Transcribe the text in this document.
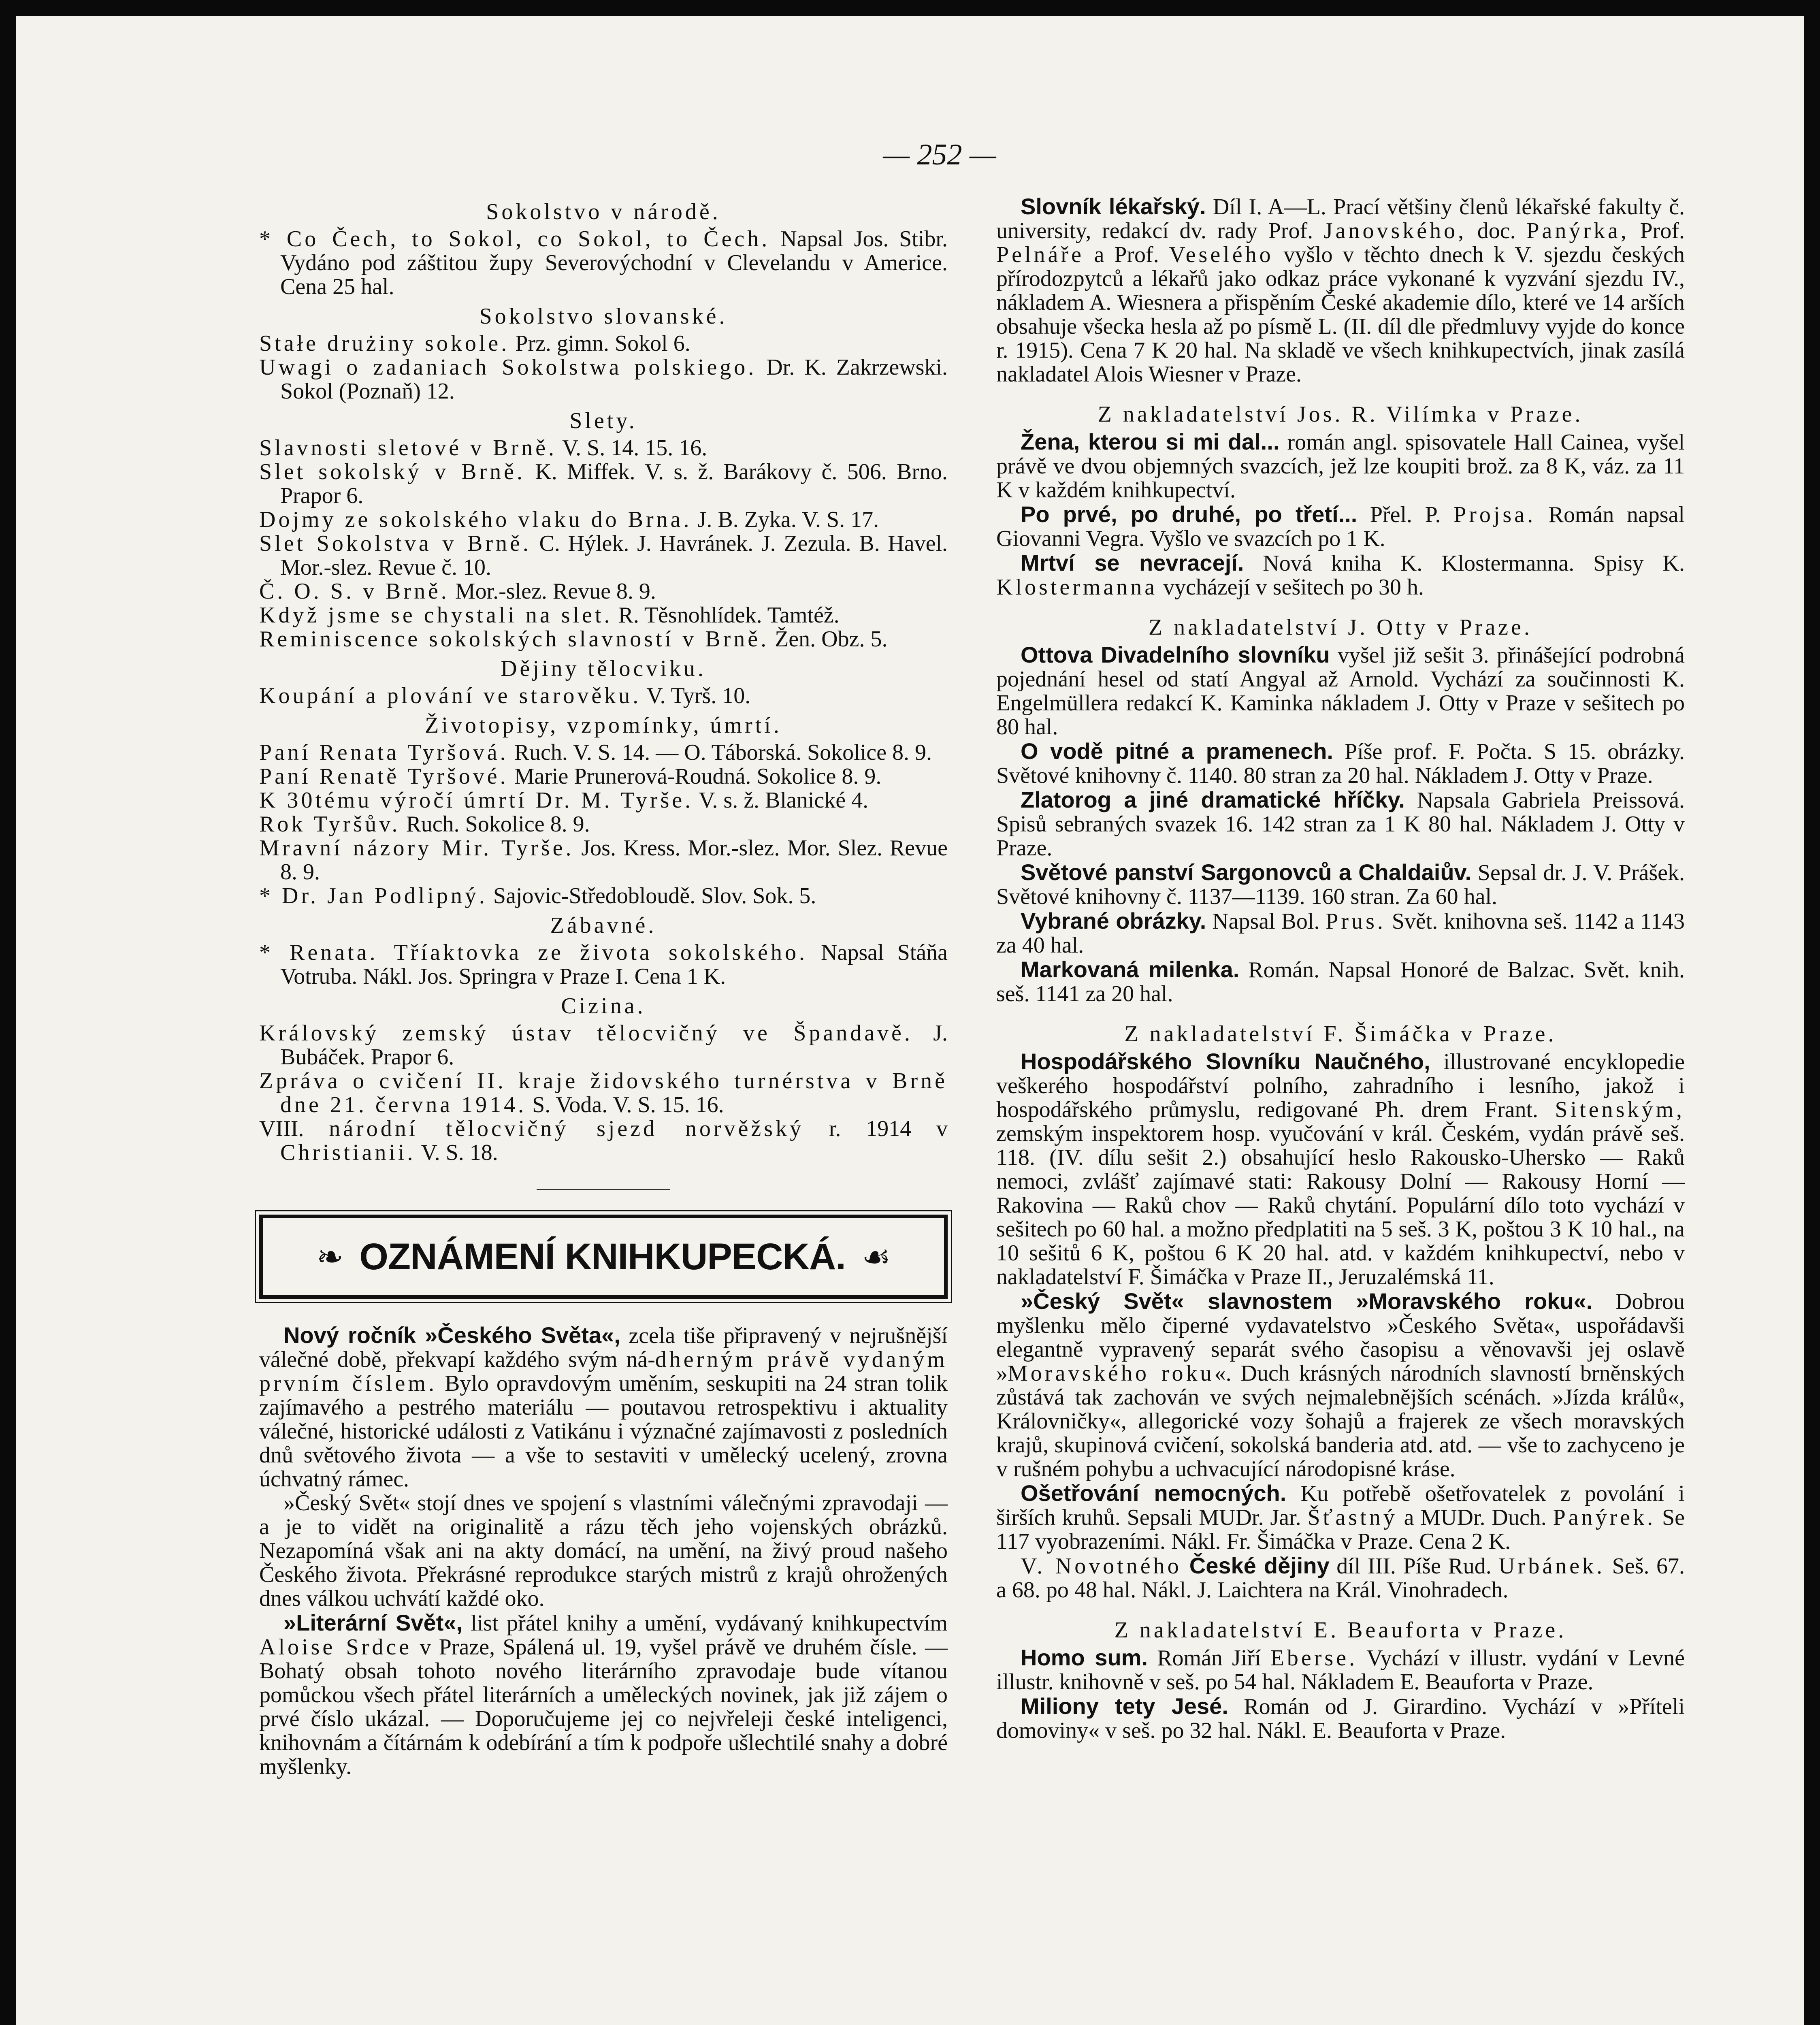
— 252 —
Sokolstvo v národě.

* Co Čech, to Sokol, co Sokol, to Čech. Napsal Jos. Stibr. Vydáno pod záštitou župy Severovýchodní v Clevelandu v Americe. Cena 25 hal.

Sokolstvo slovanské.

Stałe drużiny sokole. Prz. gimn. Sokol 6.

Uwagi o zadaniach Sokolstwa polskiego. Dr. K. Zakrzewski. Sokol (Poznaň) 12.

Slety.

Slavnosti sletové v Brně. V. S. 14. 15. 16.

Slet sokolský v Brně. K. Miffek. V. s. ž. Barákovy č. 506. Brno. Prapor 6.

Dojmy ze sokolského vlaku do Brna. J. B. Zyka. V. S. 17.

Slet Sokolstva v Brně. C. Hýlek. J. Havránek. J. Zezula. B. Havel. Mor.-slez. Revue č. 10.

Č. O. S. v Brně. Mor.-slez. Revue 8. 9.

Když jsme se chystali na slet. R. Těsnohlídek. Tamtéž.

Reminiscence sokolských slavností v Brně. Žen. Obz. 5.

Dějiny tělocviku.

Koupání a plování ve starověku. V. Tyrš. 10.

Životopisy, vzpomínky, úmrtí.

Paní Renata Tyršová. Ruch. V. S. 14. — O. Táborská. Sokolice 8. 9.

Paní Renatě Tyršové. Marie Prunerová-Roudná. Sokolice 8. 9.

K 30tému výročí úmrtí Dr. M. Tyrše. V. s. ž. Blanické 4.

Rok Tyršův. Ruch. Sokolice 8. 9.

Mravní názory Mir. Tyrše. Jos. Kress. Mor.-slez. Mor. Slez. Revue 8. 9.

* Dr. Jan Podlipný. Sajovic-Středobloudě. Slov. Sok. 5.

Zábavné.

* Renata. Tříaktovka ze života sokolského. Napsal Stáňa Votruba. Nákl. Jos. Springra v Praze I. Cena 1 K.

Cizina.

Královský zemský ústav tělocvičný ve Špandavě. J. Bubáček. Prapor 6.

Zpráva o cvičení II. kraje židovského turnérstva v Brně dne 21. června 1914. S. Voda. V. S. 15. 16.

VIII. národní tělocvičný sjezd norvěžský r. 1914 v Christianii. V. S. 18.

❧ OZNÁMENÍ KNIHKUPECKÁ. ☙

Nový ročník »Českého Světa«, zcela tiše připravený v nejrušnější válečné době, překvapí každého svým ná-dherným právě vydaným prvním číslem. Bylo opravdovým uměním, seskupiti na 24 stran tolik zajímavého a pestrého materiálu — poutavou retrospektivu i aktuality válečné, historické události z Vatikánu i význačné zajímavosti z posledních dnů světového života — a vše to sestaviti v umělecký ucelený, zrovna úchvatný rámec.

»Český Svět« stojí dnes ve spojení s vlastními válečnými zpravodaji — a je to vidět na originalitě a rázu těch jeho vojenských obrázků. Nezapomíná však ani na akty domácí, na umění, na živý proud našeho Českého života. Překrásné reprodukce starých mistrů z krajů ohrožených dnes válkou uchvátí každé oko.

»Literární Svět«, list přátel knihy a umění, vydávaný knihkupectvím Aloise Srdce v Praze, Spálená ul. 19, vyšel právě ve druhém čísle. — Bohatý obsah tohoto nového literárního zpravodaje bude vítanou pomůckou všech přátel literárních a uměleckých novinek, jak již zájem o prvé číslo ukázal. — Doporučujeme jej co nejvřeleji české inteligenci, knihovnám a čítárnám k odebírání a tím k podpoře ušlechtilé snahy a dobré myšlenky.

Slovník lékařský. Díl I. A—L. Prací většiny členů lékařské fakulty č. university, redakcí dv. rady Prof. Janovského, doc. Panýrka, Prof. Pelnáře a Prof. Veselého vyšlo v těchto dnech k V. sjezdu českých přírodozpytců a lékařů jako odkaz práce vykonané k vyzvání sjezdu IV., nákladem A. Wiesnera a přispěním České akademie dílo, které ve 14 arších obsahuje všecka hesla až po písmě L. (II. díl dle předmluvy vyjde do konce r. 1915). Cena 7 K 20 hal. Na skladě ve všech knihkupectvích, jinak zasílá nakladatel Alois Wiesner v Praze.

Z nakladatelství Jos. R. Vilímka v Praze.

Žena, kterou si mi dal... román angl. spisovatele Hall Cainea, vyšel právě ve dvou objemných svazcích, jež lze koupiti brož. za 8 K, váz. za 11 K v každém knihkupectví.

Po prvé, po druhé, po třetí... Přel. P. Projsa. Román napsal Giovanni Vegra. Vyšlo ve svazcích po 1 K.

Mrtví se nevracejí. Nová kniha K. Klostermanna. Spisy K. Klostermanna vycházejí v sešitech po 30 h.

Z nakladatelství J. Otty v Praze.

Ottova Divadelního slovníku vyšel již sešit 3. přinášející podrobná pojednání hesel od statí Angyal až Arnold. Vychází za součinnosti K. Engelmüllera redakcí K. Kaminka nákladem J. Otty v Praze v sešitech po 80 hal.

O vodě pitné a pramenech. Píše prof. F. Počta. S 15. obrázky. Světové knihovny č. 1140. 80 stran za 20 hal. Nákladem J. Otty v Praze.

Zlatorog a jiné dramatické hříčky. Napsala Gabriela Preissová. Spisů sebraných svazek 16. 142 stran za 1 K 80 hal. Nákladem J. Otty v Praze.

Světové panství Sargonovců a Chaldaiův. Sepsal dr. J. V. Prášek. Světové knihovny č. 1137—1139. 160 stran. Za 60 hal.

Vybrané obrázky. Napsal Bol. Prus. Svět. knihovna seš. 1142 a 1143 za 40 hal.

Markovaná milenka. Román. Napsal Honoré de Balzac. Svět. knih. seš. 1141 za 20 hal.

Z nakladatelství F. Šimáčka v Praze.

Hospodářského Slovníku Naučného, illustrované encyklopedie veškerého hospodářství polního, zahradního i lesního, jakož i hospodářského průmyslu, redigované Ph. drem Frant. Sitenským, zemským inspektorem hosp. vyučování v král. Českém, vydán právě seš. 118. (IV. dílu sešit 2.) obsahující heslo Rakousko-Uhersko — Raků nemoci, zvlášť zajímavé stati: Rakousy Dolní — Rakousy Horní — Rakovina — Raků chov — Raků chytání. Populární dílo toto vychází v sešitech po 60 hal. a možno předplatiti na 5 seš. 3 K, poštou 3 K 10 hal., na 10 sešitů 6 K, poštou 6 K 20 hal. atd. v každém knihkupectví, nebo v nakladatelství F. Šimáčka v Praze II., Jeruzalémská 11.

»Český Svět« slavnostem »Moravského roku«. Dobrou myšlenku mělo čiperné vydavatelstvo »Českého Světa«, uspořádavši elegantně vypravený separát svého časopisu a věnovavši jej oslavě »Moravského roku«. Duch krásných národních slavností brněnských zůstává tak zachován ve svých nejmalebnějších scénách. »Jízda králů«, Královničky«, allegorické vozy šohajů a frajerek ze všech moravských krajů, skupinová cvičení, sokolská banderia atd. atd. — vše to zachyceno je v rušném pohybu a uchvacující národopisné kráse.

Ošetřování nemocných. Ku potřebě ošetřovatelek z povolání i širších kruhů. Sepsali MUDr. Jar. Šťastný a MUDr. Duch. Panýrek. Se 117 vyobrazeními. Nákl. Fr. Šimáčka v Praze. Cena 2 K.

V. Novotného České dějiny díl III. Píše Rud. Urbánek. Seš. 67. a 68. po 48 hal. Nákl. J. Laichtera na Král. Vinohradech.

Z nakladatelství E. Beauforta v Praze.

Homo sum. Román Jiří Eberse. Vychází v illustr. vydání v Levné illustr. knihovně v seš. po 54 hal. Nákladem E. Beauforta v Praze.

Miliony tety Jesé. Román od J. Girardino. Vychází v »Příteli domoviny« v seš. po 32 hal. Nákl. E. Beauforta v Praze.
